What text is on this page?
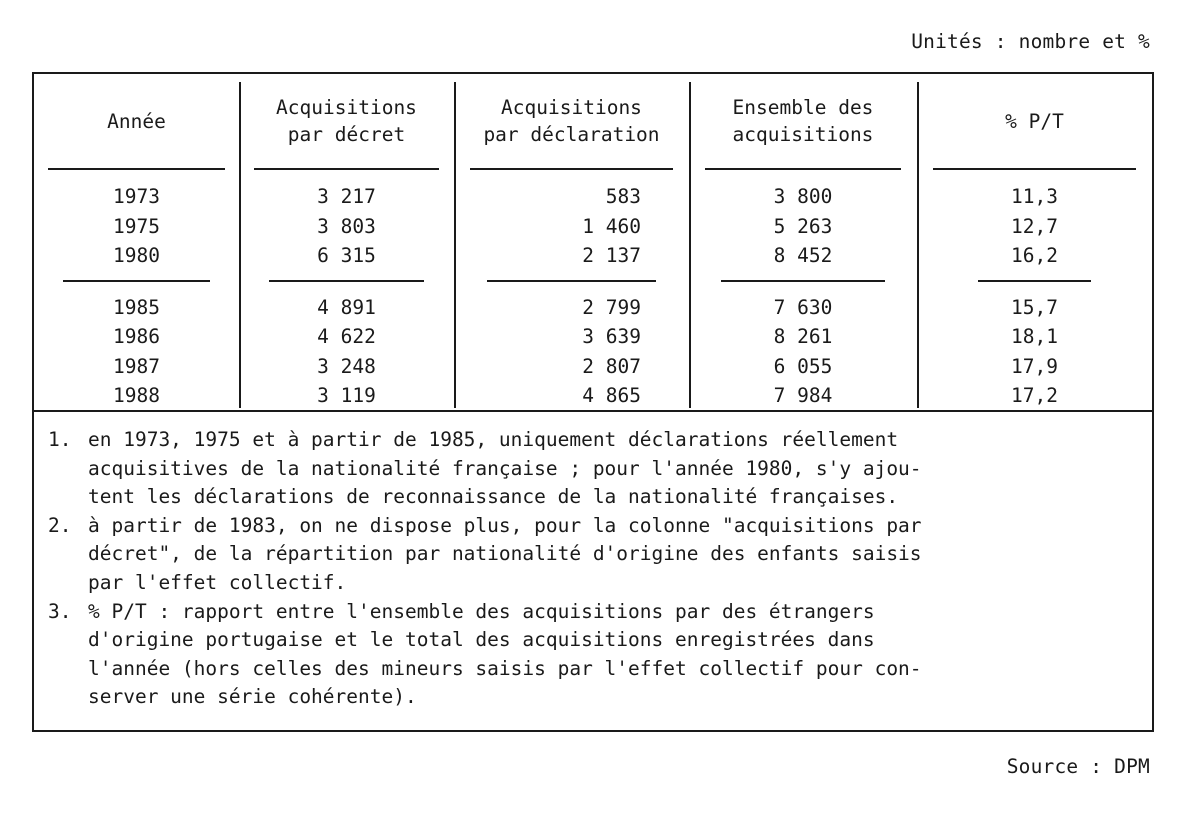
Unités : nombre et %
Année
1973
1975
1980
1985
1986
1987
1988
Acquisitions
par décret
3 217
3 803
6 315
4 891
4 622
3 248
3 119
Acquisitions
par déclaration
583
1 460
2 137
2 799
3 639
2 807
4 865
Ensemble des
acquisitions
3 800
5 263
8 452
7 630
8 261
6 055
7 984
% P/T
11,3
12,7
16,2
15,7
18,1
17,9
17,2
1. en 1973, 1975 et à partir de 1985, uniquement déclarations réellement
acquisitives de la nationalité française ; pour l'année 1980, s'y ajou-
tent les déclarations de reconnaissance de la nationalité françaises.
2. à partir de 1983, on ne dispose plus, pour la colonne "acquisitions par
décret", de la répartition par nationalité d'origine des enfants saisis
par l'effet collectif.
3. % P/T : rapport entre l'ensemble des acquisitions par des étrangers
d'origine portugaise et le total des acquisitions enregistrées dans
l'année (hors celles des mineurs saisis par l'effet collectif pour con-
server une série cohérente).
Source : DPM
